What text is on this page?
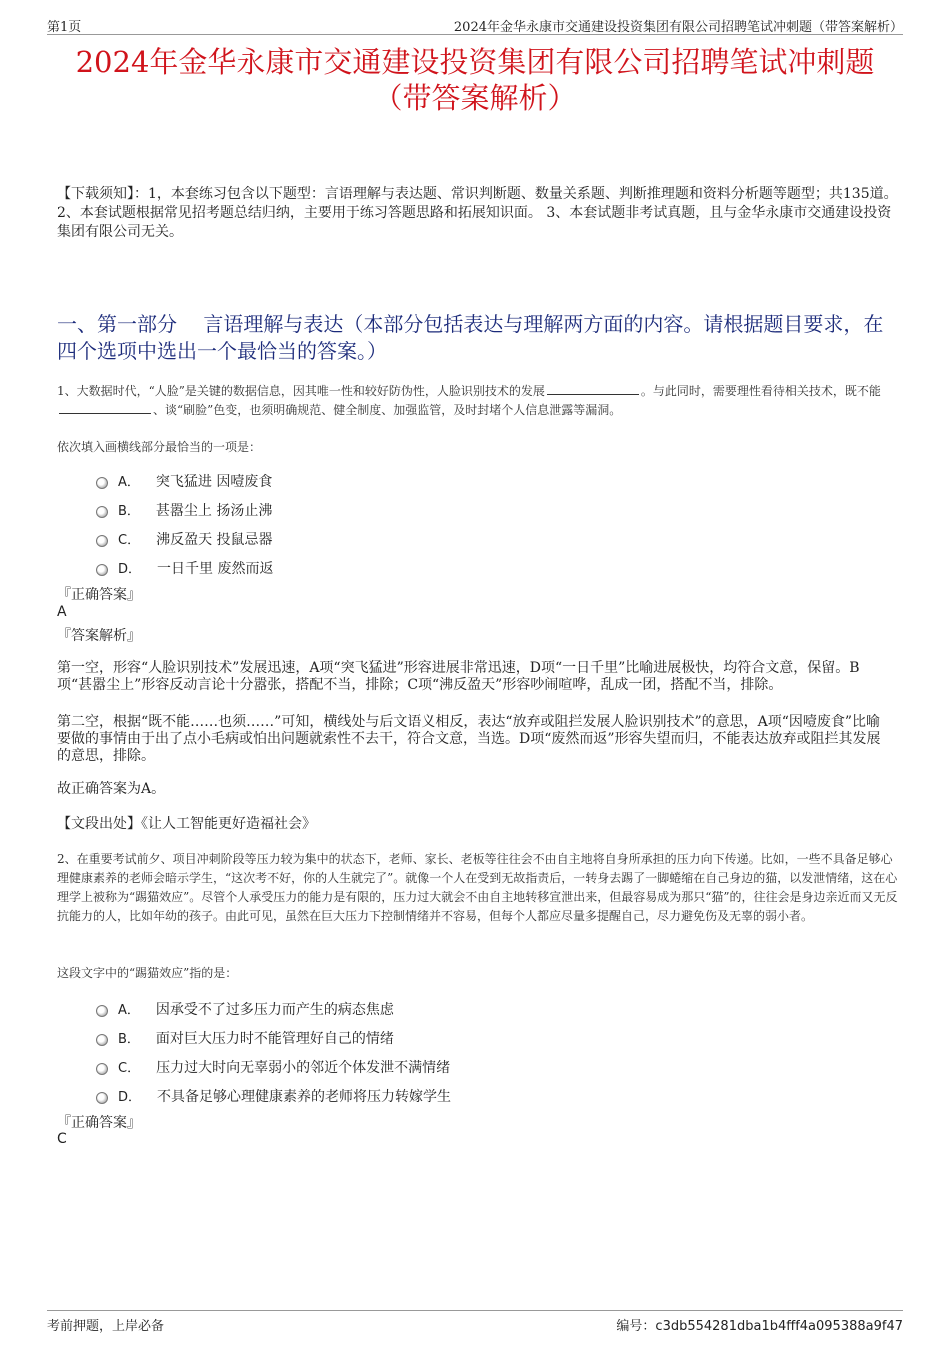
第1页	2024年金华永康市交通建设投资集团有限公司招聘笔试冲刺题（带答案解析）
2024年金华永康市交通建设投资集团有限公司招聘笔试冲刺题
（带答案解析）
【下载须知】：1，本套练习包含以下题型：言语理解与表达题、常识判断题、数量关系题、判断推理题和资料分析题等题型；共135道。 2、本套试题根据常见招考题总结归纳，主要用于练习答题思路和拓展知识面。 3、本套试题非考试真题，且与金华永康市交通建设投资集团有限公司无关。
一、第一部分　 言语理解与表达（本部分包括表达与理解两方面的内容。请根据题目要求，在四个选项中选出一个最恰当的答案。）
1、大数据时代，“人脸”是关键的数据信息，因其唯一性和较好防伪性，人脸识别技术的发展	。与此同时，需要理性看待相关技术，既不能、谈“刷脸”色变，也须明确规范、健全制度、加强监管，及时封堵个人信息泄露等漏洞。
依次填入画横线部分最恰当的一项是：
A． 突飞猛进 因噎废食
B． 甚嚣尘上 扬汤止沸
C． 沸反盈天 投鼠忌器
D． 一日千里 废然而返
『正确答案』
A
『答案解析』
第一空，形容“人脸识别技术”发展迅速，A项“突飞猛进”形容进展非常迅速，D项“一日千里”比喻进展极快，均符合文意，保留。B项“甚嚣尘上”形容反动言论十分嚣张，搭配不当，排除；C项“沸反盈天”形容吵闹喧哗，乱成一团，搭配不当，排除。
第二空，根据“既不能……也须……”可知，横线处与后文语义相反，表达“放弃或阻拦发展人脸识别技术”的意思，A项“因噎废食”比喻要做的事情由于出了点小毛病或怕出问题就索性不去干，符合文意，当选。D项“废然而返”形容失望而归，不能表达放弃或阻拦其发展的意思，排除。
故正确答案为A。
【文段出处】《让人工智能更好造福社会》
2、在重要考试前夕、项目冲刺阶段等压力较为集中的状态下，老师、家长、老板等往往会不由自主地将自身所承担的压力向下传递。比如，一些不具备足够心理健康素养的老师会暗示学生，“这次考不好，你的人生就完了”。就像一个人在受到无故指责后，一转身去踢了一脚蜷缩在自己身边的猫，以发泄情绪，这在心理学上被称为“踢猫效应”。尽管个人承受压力的能力是有限的，压力过大就会不由自主地转移宣泄出来，但最容易成为那只“猫”的，往往会是身边亲近而又无反抗能力的人，比如年幼的孩子。由此可见，虽然在巨大压力下控制情绪并不容易，但每个人都应尽量多提醒自己，尽力避免伤及无辜的弱小者。
这段文字中的“踢猫效应”指的是：
A． 因承受不了过多压力而产生的病态焦虑
B． 面对巨大压力时不能管理好自己的情绪
C． 压力过大时向无辜弱小的邻近个体发泄不满情绪
D． 不具备足够心理健康素养的老师将压力转嫁学生
『正确答案』
C
考前押题，上岸必备	编号：c3db554281dba1b4fff4a095388a9f47
